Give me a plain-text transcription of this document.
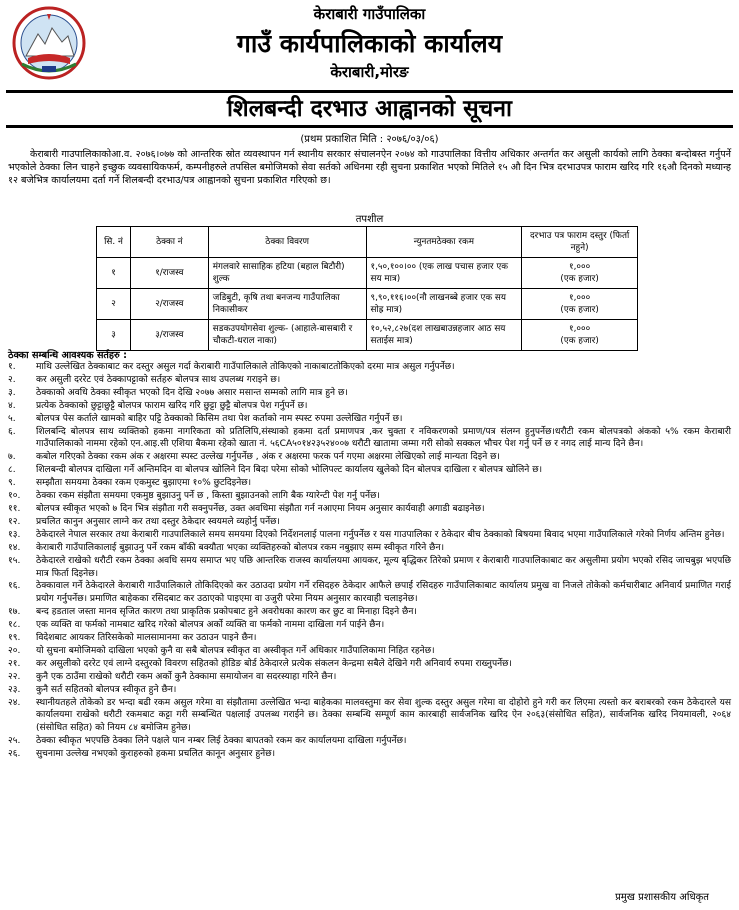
केराबारी गाउँपालिका
गाउँ कार्यपालिकाको कार्यालय
केराबारी,मोरङ
शिलबन्दी दरभाउ आह्वानको सूचना
(प्रथम प्रकाशित मिति : २०७६/०३/०६)
केराबारी गाउपालिकाकोआ.व. २०७६।०७७ को आन्तरिक स्रोत व्यवस्थापन गर्न स्थानीय सरकार संचालनऐन २०७४ को गाउपालिका वित्तीय अधिकार अन्तर्गत कर असुली कार्यको लागि ठेक्का बन्दोबस्त गर्नुपर्ने भएकोले ठेक्का लिन चाहने इच्छुक व्यवसायिकफर्म, कम्पनीहरुले तपसिल बमोजिमको सेवा सर्तको अधिनमा रही सुचना प्रकाशित भएको मितिले १५ औ दिन भित्र दरभाउपत्र फाराम खरिद गरि १६औ दिनको मध्यान्ह १२ बजेभित्र कार्यालयमा दर्ता गर्ने शिलबन्दी दरभाउ/पत्र आह्वानको सुचना प्रकाशित गरिएको छ।
तपशील
सि. नं	ठेक्का नं	ठेक्का विवरण	न्युनतमठेक्का रकम	दरभाउ पत्र फाराम दस्तुर (फिर्ता नहुने)
१	१/राजस्व	मंगलवारे सासाहिक हटिया (बहाल बिटौरी) शुल्क	१,५०,१००।०० (एक लाख पचास हजार एक सय मात्र)	१,०००
(एक हजार)

२	२/राजस्व	जडिबुटी, कृषि तथा बनजन्य गाउँपालिका निकासीकर	९,९०,११६।००(नौ लाखनब्बे हजार एक सय सोह्र मात्र)	१,०००
(एक हजार)

३	३/राजस्व	सडकउपयोगसेवा शुल्क- (आहाले-बासबारी र चौकटी-धराल नाका)	१०,५२,८२७(दश लाखबाउन्नहजार आठ सय सताईस मात्र)	१,०००
(एक हजार)
ठेक्का सम्बन्धि आवश्यक सर्तहरु :
१.	माथि उल्लेखित ठेक्काबाट कर दस्तुर असुल गर्दा केराबारी गाउँपालिकाले तोकिएको नाकाबाटतोकिएको दरमा मात्र असुल गर्नुपर्नेछ।
२.	कर असुली दररेट एवं ठेक्कापट्टाको सर्तहरु बोलपत्र साथ उपलब्ध गराइने छ।
३.	ठेक्काको अवधि ठेक्का स्वीकृत भएको दिन देखि २०७७ असार मसान्त सम्मको लागि मात्र हुने छ।
४.	प्रत्येक ठेक्काको छुट्टाछुट्टै बोलपत्र फाराम खरिद गरि छुट्टा छुट्टै बोलपत्र पेश गर्नुपर्ने छ।
५.	बोलपत्र पेस कर्ताले खामको बाहिर पट्टि ठेक्काको किसिम तथा पेश कर्ताको नाम स्पस्ट रुपमा उल्लेखित गर्नुपर्ने छ।
६.	शिलबन्दि बोलपत्र साथ व्यक्तिको हकमा नागरिकता को प्रतिलिपि,संस्थाको हकमा दर्ता प्रमाणपत्र ,कर चुक्ता र नविकरणको प्रमाण/पत्र संलग्न हुनुपर्नेछ।धरौटी रकम बोलपत्रको अंकको ५% रकम केराबारी गाउँपालिकाको नाममा रहेको एन.आइ.सी एशिया बैकमा रहेको खाता नं. ५६CA५०१४२३५२४००७ धरौटी खातामा जम्मा गरी सोको सक्कल भौचर पेश गर्नु पर्ने छ र नगद लाई मान्य दिने छैन।
७.	कबोल गरिएको ठेक्का रकम अंक र अक्षरमा स्पस्ट उल्लेख गर्नुपर्नेछ , अंक र अक्षरमा फरक पर्न गएमा अक्षरमा लेखिएको लाई मान्यता दिइने छ।
८.	शिलबन्दी बोलपत्र दाखिला गर्ने अन्तिमदिन वा बोलपत्र खोलिने दिन बिदा परेमा सोको भोलिपल्ट कार्यालय खुलेको दिन बोलपत्र दाखिला र बोलपत्र खोलिने छ।
९.	सम्झौता समयमा ठेक्का रकम एकमुस्ट बुझाएमा १०% छुटदिइनेछ।
१०.	ठेक्का रकम संझौता समयमा एकमुष्ठ बुझाउनु पर्ने छ , किस्ता बुझाउनको लागि बैक ग्यारेन्टी पेश गर्नु पर्नेछ।
११.	बोलपत्र स्वीकृत भएको ७ दिन भित्र संझौता गरी सक्नुपर्नेछ, उक्त अवधिमा संझौता गर्न नआएमा नियम अनुसार कार्यवाही अगाडी बढाइनेछ।
१२.	प्रचलित कानुन अनुसार लाग्ने कर तथा दस्तुर ठेकेदार स्वयमले व्यहोर्नु पर्नेछ।
१३.	ठेकेदारले नेपाल सरकार तथा केराबारी गाउपालिकाले समय समयमा दिएको निर्देशनलाई पालना गर्नुपर्नेछ र यस गाउपालिका र ठेकेदार बीच ठेक्काको बिषयमा बिवाद भएमा गाउँपालिकाले गरेको निर्णय अन्तिम हुनेछ।
१४.	केराबारी गाउँपालिकालाई बुझाउनु पर्ने रकम बाँकी बक्यौता भएका व्यक्तिहरुको बोलपत्र रकम नबुझाए सम्म स्वीकृत गरिने छैन।
१५.	ठेकेदारले राखेको धरौटी रकम ठेक्का अवधि समय समाप्त भए पछि आन्तरिक राजस्व कार्यालयमा आयकर, मूल्य बृद्धिकर तिरेको प्रमाण र केराबारी गाउपालिकाबाट कर असुलीमा प्रयोग भएको रसिद जाचबुझ भएपछि मात्र फिर्ता दिइनेछ।
१६.	ठेक्कावाल गर्ने ठेकेदारले केराबारी गाउँपालिकाले तोकिदिएको कर उठाउदा प्रयोग गर्ने रसिदहरु ठेकेदार आफैले छपाई रसिदहरु गाउँपालिकाबाट कार्यालय प्रमुख वा निजले तोकेको कर्मचारीबाट अनिवार्य प्रमाणित गराई प्रयोग गर्नुपर्नेछ। प्रमाणित बाहेकका रसिदबाट कर उठाएको पाइएमा वा उजुरी परेमा नियम अनुसार कारवाही चलाइनेछ।
१७.	बन्द हडताल जस्ता मानव सृजित कारण तथा प्राकृतिक प्रकोपबाट हुने अवरोधका कारण कर छुट वा मिनाहा दिइने छैन।
१८.	एक व्यक्ति वा फर्मको नामबाट खरिद गरेको बोलपत्र अर्को व्यक्ति वा फर्मको नाममा दाखिला गर्न पाईने छैन।
१९.	विदेशबाट आयकर तिरिसकेको मालसामानमा कर उठाउन पाइने छैन।
२०.	यो सुचना बमोजिमको दाखिला भएको कुनै वा सबै बोलपत्र स्वीकृत वा अस्वीकृत गर्ने अधिकार गाउँपालिकामा निहित रहनेछ।
२१.	कर असुलीको दररेट एवं लाग्ने दस्तुरको विवरण सहितको होडिङ बोर्ड ठेकेदारले प्रत्येक संकलन केन्द्रमा सबैले देखिने गरी अनिवार्य रुपमा राख्नुपर्नेछ।
२२.	कुनै एक ठाउँमा राखेको धरौटी रकम अर्को कुनै ठेक्कामा समायोजन वा सदरस्याहा गरिने छैन।
२३.	कुनै सर्त सहितको बोलपत्र स्वीकृत हुने छैन।
२४.	स्थानीयतहले तोकेको डर भन्दा बढी रकम असुल गरेमा वा संझौतामा उल्लेखित भन्दा बाहेकका मालवस्तुमा कर सेवा शुल्क दस्तुर असुल गरेमा वा दोहोरो हुने गरी कर लिएमा त्यस्तो कर बराबरको रकम ठेकेदारले यस कार्यालयमा राखेको धरौटी रकमबाट कट्टा गरी सम्बन्धित पक्षलाई उपलब्ध गराईने छ। ठेक्का सम्बन्धि सम्पूर्ण काम कारबाही सार्वजनिक खरिद ऐन २०६३(संसोधित सहित), सार्वजनिक खरिद नियमावली, २०६४ (संसोधित सहित) को नियम ८४ बमोजिम हुनेछ।
२५.	ठेक्का स्वीकृत भएपछि ठेक्का लिने पक्षले पान नम्बर लिई ठेक्का बापतको रकम कर कार्यालयमा दाखिला गर्नुपर्नेछ।
२६.	सुचनामा उल्लेख नभएको कुराहरुको हकमा प्रचलित कानून अनुसार हुनेछ।
प्रमुख प्रशासकीय अधिकृत
